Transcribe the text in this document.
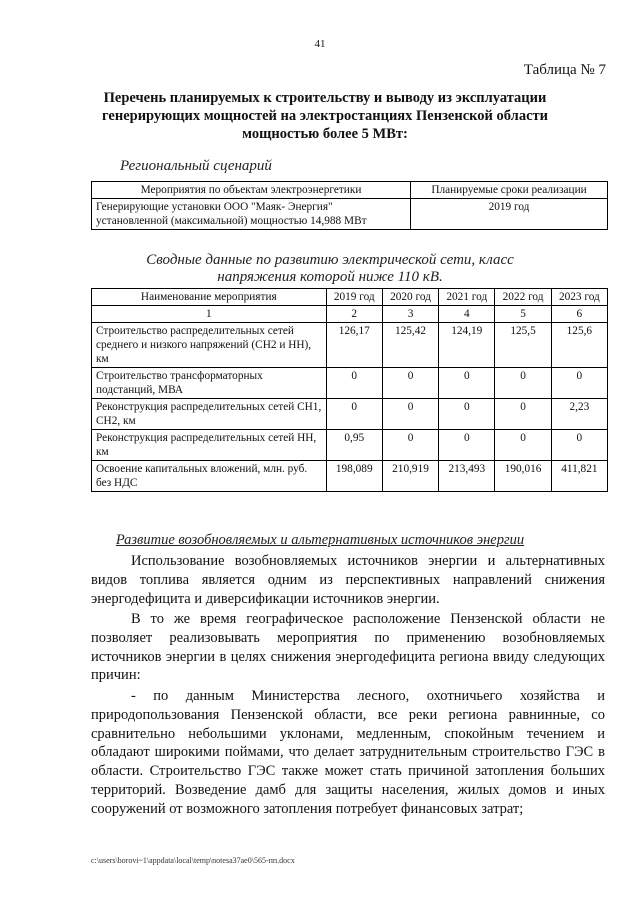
41
Таблица № 7
Перечень планируемых к строительству и выводу из эксплуатации генерирующих мощностей на электростанциях Пензенской области мощностью более 5 МВт:
Региональный сценарий
Мероприятия по объектам электроэнергетики	Планируемые сроки реализации
Генерирующие установки ООО "Маяк- Энергия" установленной (максимальной) мощностью 14,988 МВт	2019 год
Сводные данные по развитию электрической сети, класс напряжения которой ниже 110 кВ.
Наименование мероприятия	2019 год	2020 год	2021 год	2022 год	2023 год
1	2	3	4	5	6
Строительство распределительных сетей среднего и низкого напряжений (СН2 и НН), км	126,17	125,42	124,19	125,5	125,6
Строительство трансформаторных подстанций, МВА	0	0	0	0	0
Реконструкция распределительных сетей СН1, СН2, км	0	0	0	0	2,23
Реконструкция распределительных сетей НН, км	0,95	0	0	0	0
Освоение капитальных вложений, млн. руб. без НДС	198,089	210,919	213,493	190,016	411,821
Развитие возобновляемых и альтернативных источников энергии
Использование возобновляемых источников энергии и альтернативных видов топлива является одним из перспективных направлений снижения энергодефицита и диверсификации источников энергии.
В то же время географическое расположение Пензенской области не позволяет реализовывать мероприятия по применению возобновляемых источников энергии в целях снижения энергодефицита региона ввиду следующих причин:
- по данным Министерства лесного, охотничьего хозяйства и природопользования Пензенской области, все реки региона равнинные, со сравнительно небольшими уклонами, медленным, спокойным течением и обладают широкими поймами, что делает затруднительным строительство ГЭС в области. Строительство ГЭС также может стать причиной затопления больших территорий. Возведение дамб для защиты населения, жилых домов и иных сооружений от возможного затопления потребует финансовых затрат;
c:\users\borovi~1\appdata\local\temp\notesa37ae0\565-пп.docx
